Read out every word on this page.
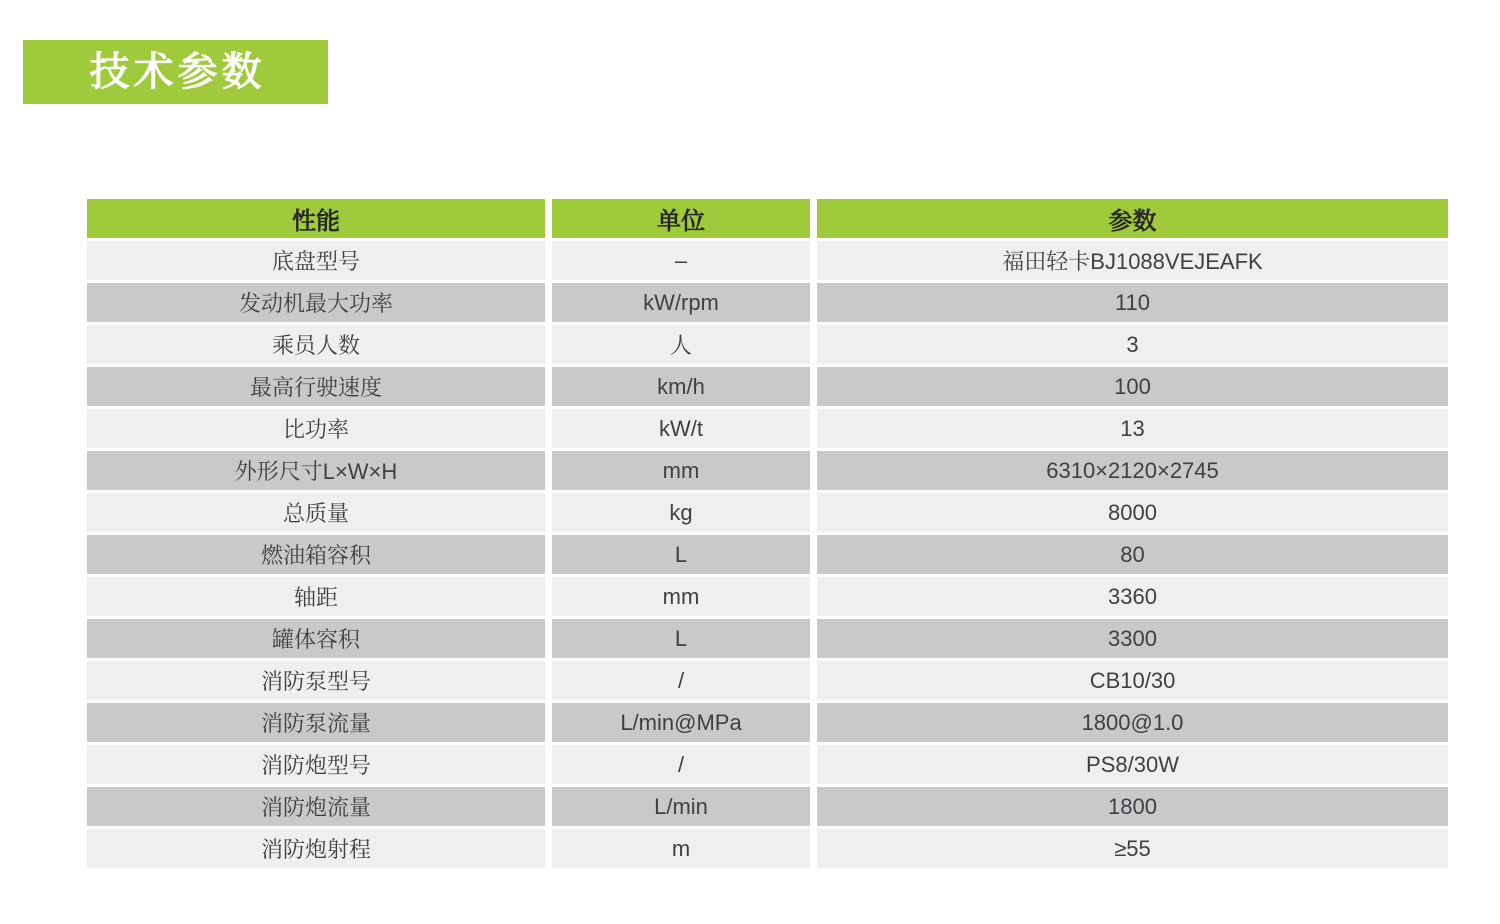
技术参数
性能	单位	参数
底盘型号	–	福田轻卡BJ1088VEJEAFK
发动机最大功率	kW/rpm	110
乘员人数	人	3
最高行驶速度	km/h	100
比功率	kW/t	13
外形尺寸L×W×H	mm	6310×2120×2745
总质量	kg	8000
燃油箱容积	L	80
轴距	mm	3360
罐体容积	L	3300
消防泵型号	/	CB10/30
消防泵流量	L/min@MPa	1800@1.0
消防炮型号	/	PS8/30W
消防炮流量	L/min	1800
消防炮射程	m	≥55
